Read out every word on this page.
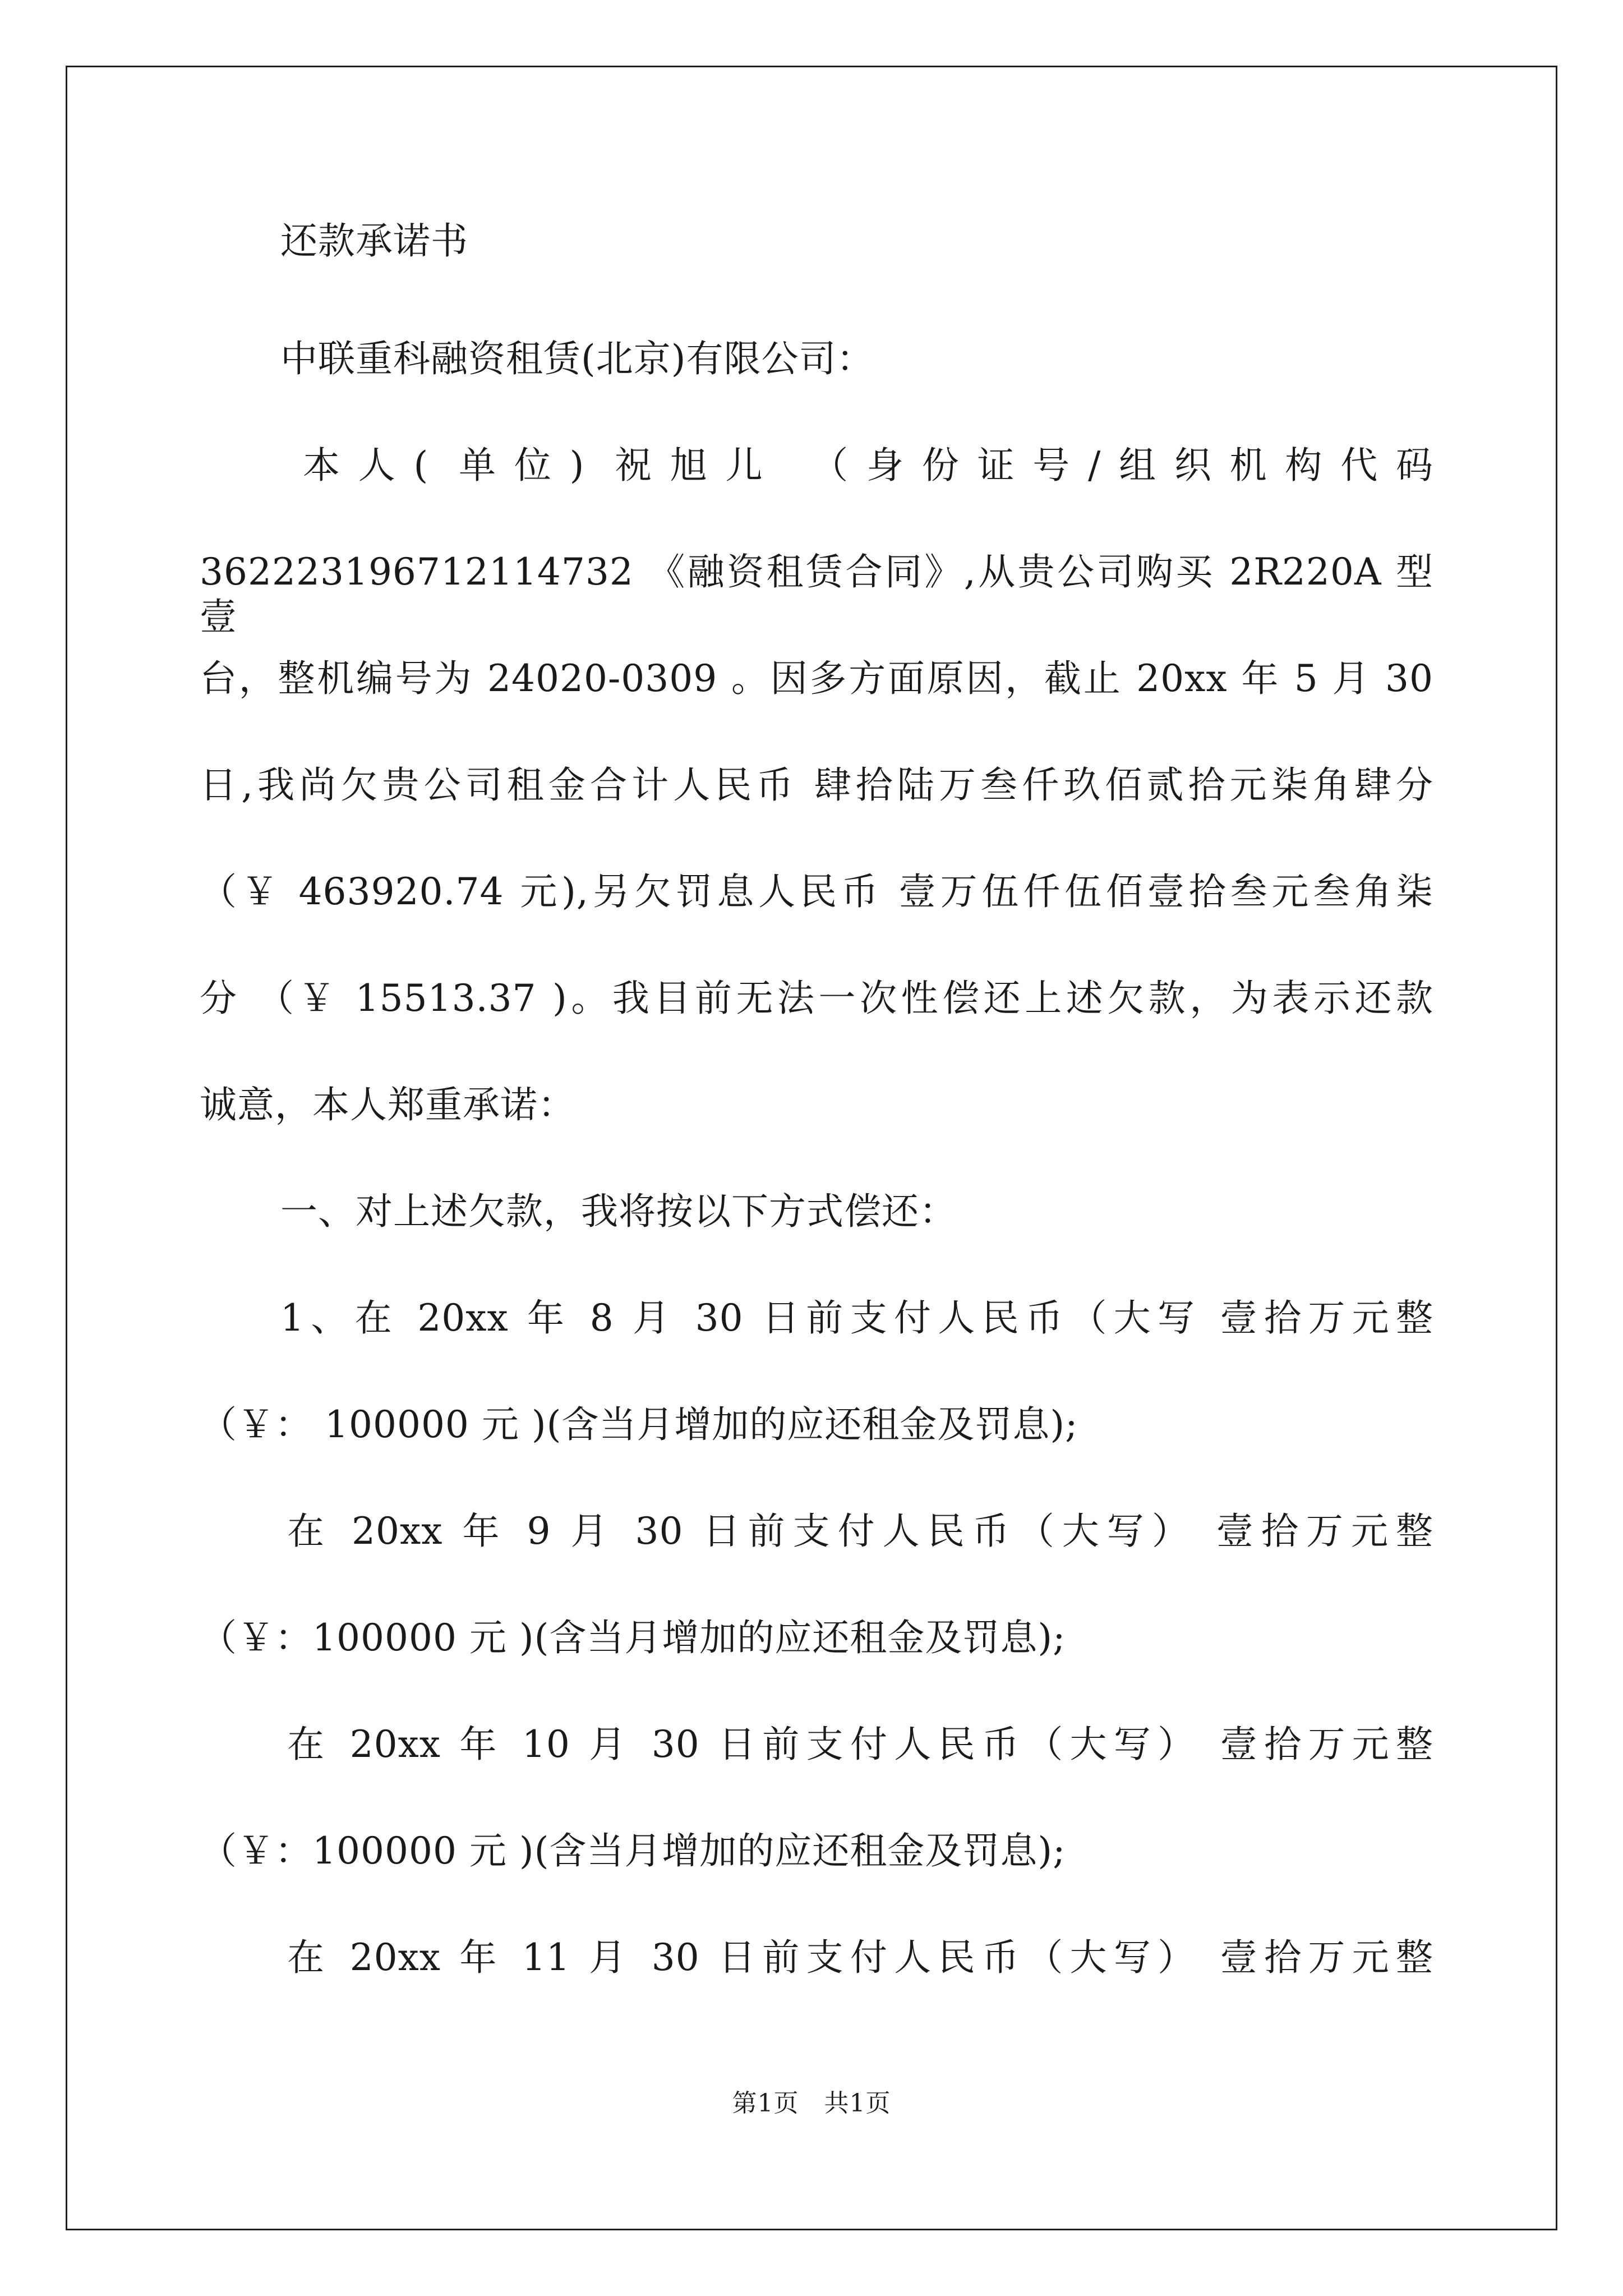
还款承诺书
中联重科融资租赁(北京)有限公司：
本人( 单位) 祝旭儿 （身份证号/组织机构代码
362223196712114732 《融资租赁合同》,从贵公司购买 2R220A 型 壹
台，整机编号为 24020-0309 。因多方面原因，截止 20xx 年 5 月 30
日,我尚欠贵公司租金合计人民币 肆拾陆万叁仟玖佰贰拾元柒角肆分
（￥ 463920.74 元),另欠罚息人民币 壹万伍仟伍佰壹拾叁元叁角柒
分 （￥ 15513.37 )。我目前无法一次性偿还上述欠款，为表示还款
诚意，本人郑重承诺：
一、对上述欠款，我将按以下方式偿还：
1、在 20xx 年 8 月 30 日前支付人民币（大写 壹拾万元整
（￥： 100000 元 )(含当月增加的应还租金及罚息);
在 20xx 年 9 月 30 日前支付人民币（大写） 壹拾万元整
（￥：100000 元 )(含当月增加的应还租金及罚息);
在 20xx 年 10 月 30 日前支付人民币（大写） 壹拾万元整
（￥：100000 元 )(含当月增加的应还租金及罚息);
在 20xx 年 11 月 30 日前支付人民币（大写） 壹拾万元整
第1页   共1页
